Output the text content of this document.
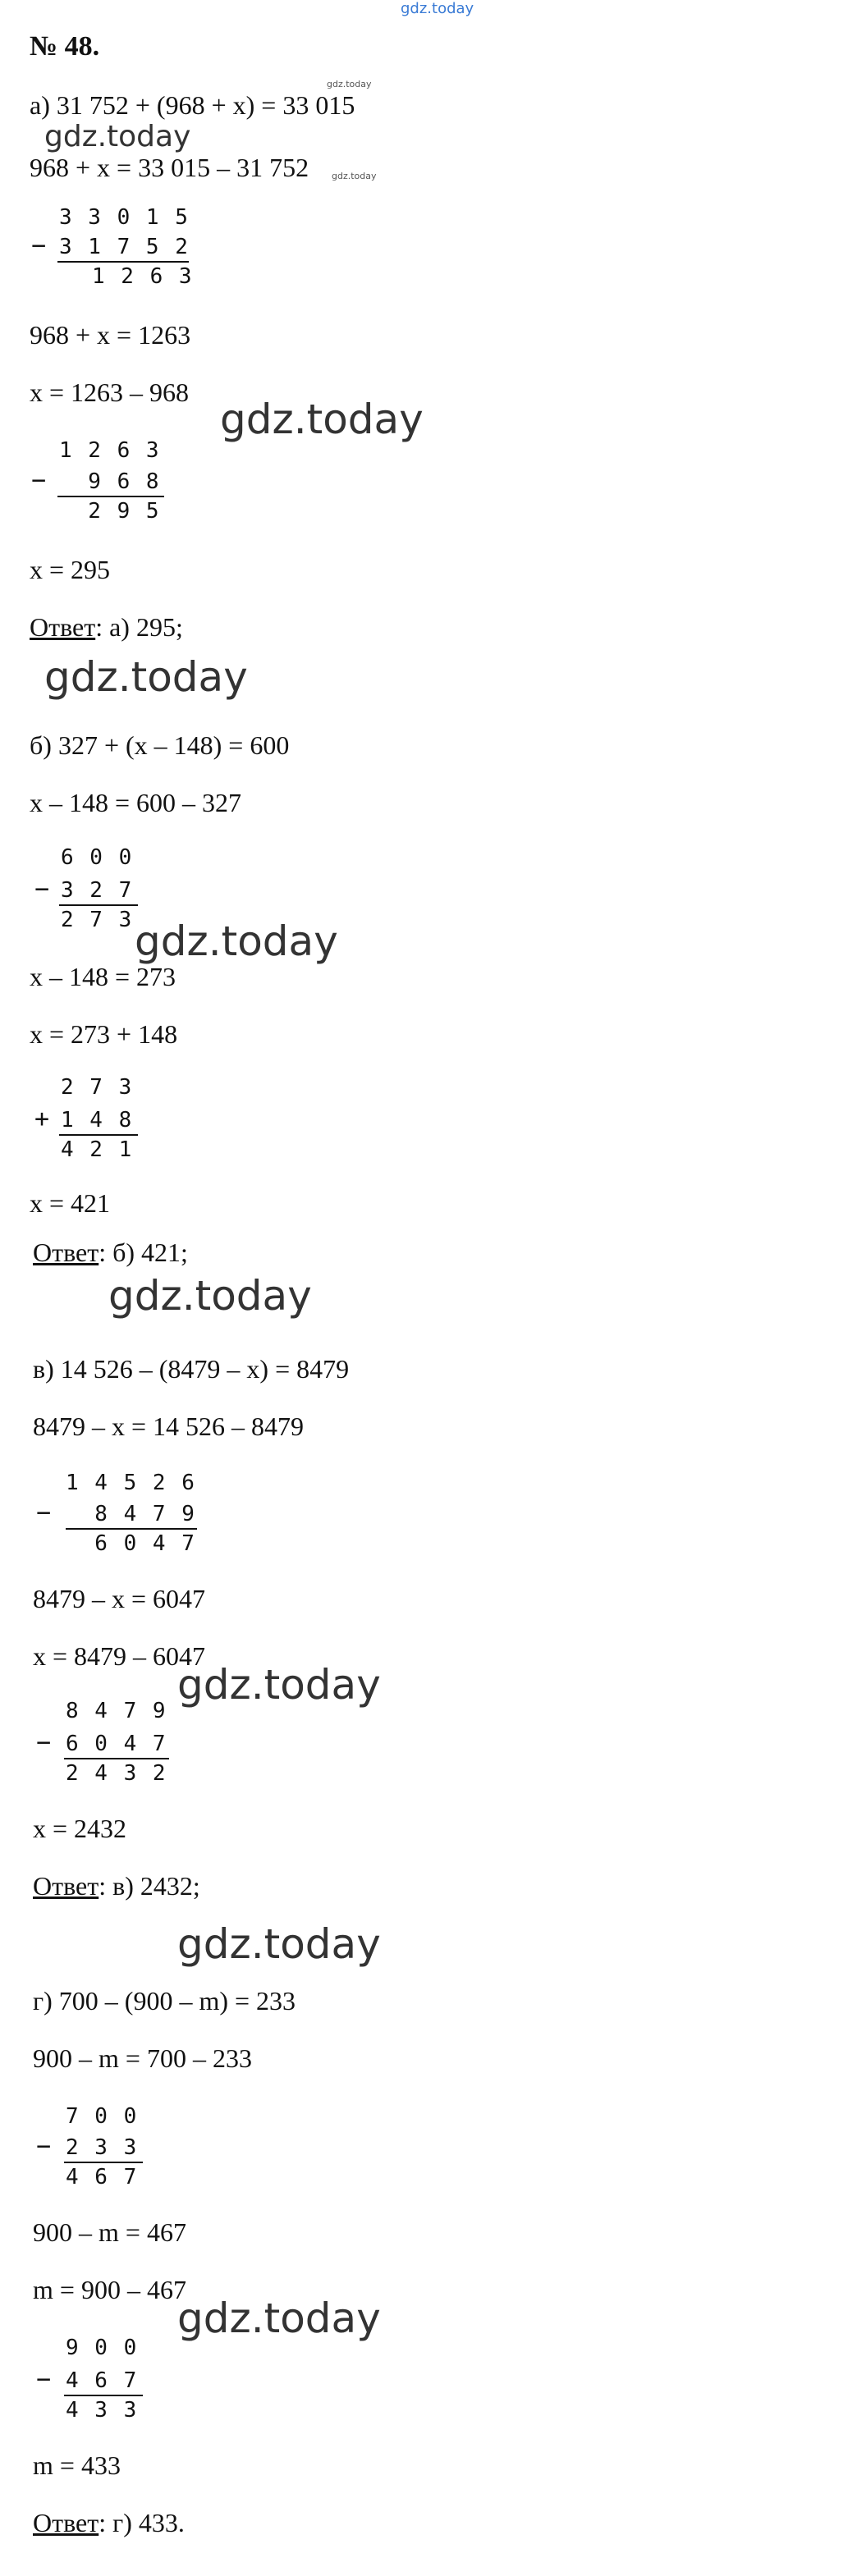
gdz.today
№ 48.
gdz.today
а) 31 752 + (968 + х) = 33 015
gdz.today
968 + х = 33 015 – 31 752	gdz.today
3 3 0 1 5
− 3 1 7 5 2
1 2 6 3
968 + х = 1263
х = 1263 – 968
gdz.today
1 2 6 3
− 9 6 8
2 9 5
х = 295
Ответ: а) 295;
gdz.today
б) 327 + (х – 148) = 600
х – 148 = 600 – 327
6 0 0
− 3 2 7
2 7 3 gdz.today
х – 148 = 273
х = 273 + 148
2 7 3
+ 1 4 8
4 2 1
х = 421
Ответ: б) 421;
gdz.today
в) 14 526 – (8479 – х) = 8479
8479 – х = 14 526 – 8479
1 4 5 2 6
− 8 4 7 9
6 0 4 7
8479 – х = 6047
х = 8479 – 6047
gdz.today
8 4 7 9
− 6 0 4 7
2 4 3 2
х = 2432
Ответ: в) 2432;
gdz.today
г) 700 – (900 – m) = 233
900 – m = 700 – 233
7 0 0
− 2 3 3
4 6 7
900 – m = 467
m = 900 – 467
gdz.today
9 0 0
− 4 6 7
4 3 3
m = 433
Ответ: г) 433.
